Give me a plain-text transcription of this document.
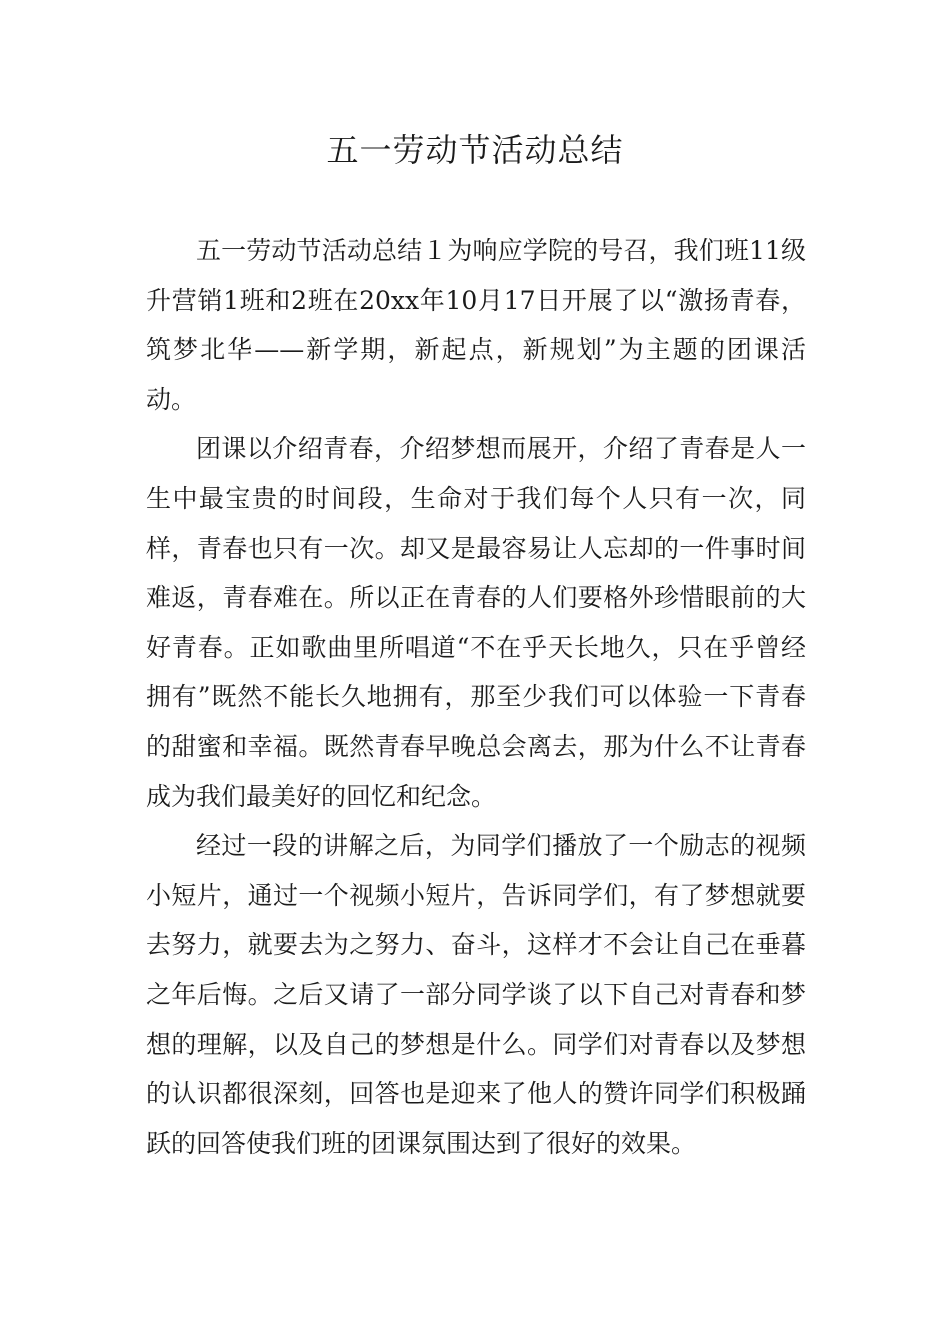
五一劳动节活动总结

五一劳动节活动总结１为响应学院的号召，我们班11级升营销1班和2班在20xx年10月17日开展了以“激扬青春，筑梦北华——新学期，新起点，新规划”为主题的团课活动。

团课以介绍青春，介绍梦想而展开，介绍了青春是人一生中最宝贵的时间段，生命对于我们每个人只有一次，同样，青春也只有一次。却又是最容易让人忘却的一件事时间难返，青春难在。所以正在青春的人们要格外珍惜眼前的大好青春。正如歌曲里所唱道“不在乎天长地久，只在乎曾经拥有”既然不能长久地拥有，那至少我们可以体验一下青春的甜蜜和幸福。既然青春早晚总会离去，那为什么不让青春成为我们最美好的回忆和纪念。

经过一段的讲解之后，为同学们播放了一个励志的视频小短片，通过一个视频小短片，告诉同学们，有了梦想就要去努力，就要去为之努力、奋斗，这样才不会让自己在垂暮之年后悔。之后又请了一部分同学谈了以下自己对青春和梦想的理解，以及自己的梦想是什么。同学们对青春以及梦想的认识都很深刻，回答也是迎来了他人的赞许同学们积极踊跃的回答使我们班的团课氛围达到了很好的效果。
